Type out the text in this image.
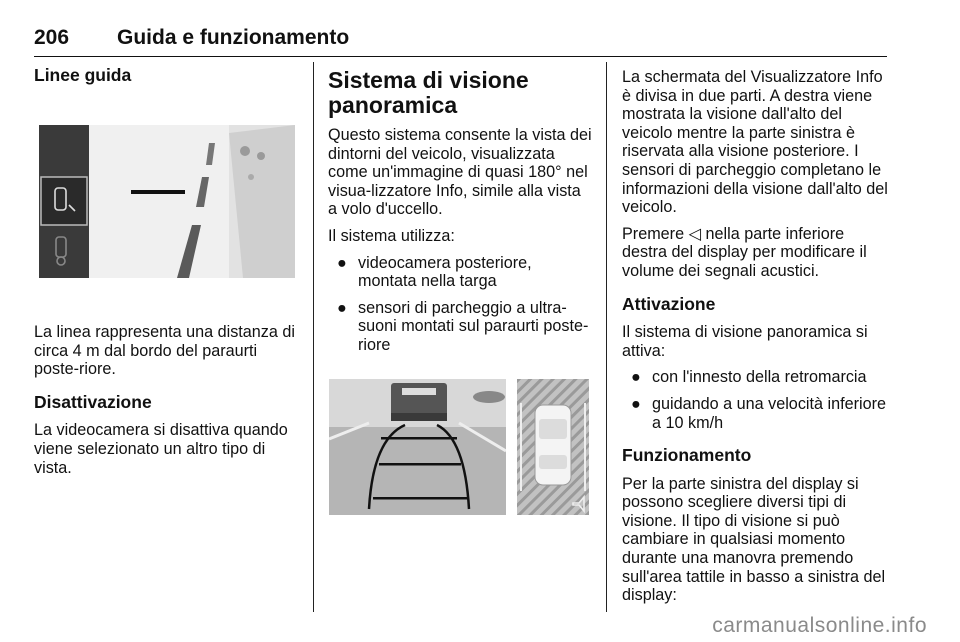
206 Guida e funzionamento
Linee guida

La linea rappresenta una distanza di circa 4 m dal bordo del paraurti poste-riore.

Disattivazione

La videocamera si disattiva quando viene selezionato un altro tipo di vista.

Sistema di visione panoramica

Questo sistema consente la vista dei dintorni del veicolo, visualizzata come un'immagine di quasi 180° nel visua-lizzatore Info, simile alla vista a volo d'uccello.

Il sistema utilizza:

● videocamera posteriore, montata nella targa
● sensori di parcheggio a ultra-suoni montati sul paraurti poste-riore

La schermata del Visualizzatore Info è divisa in due parti. A destra viene mostrata la visione dall'alto del veicolo mentre la parte sinistra è riservata alla visione posteriore. I sensori di parcheggio completano le informazioni della visione dall'alto del veicolo.

Premere ◁ nella parte inferiore destra del display per modificare il volume dei segnali acustici.

Attivazione

Il sistema di visione panoramica si attiva:

● con l'innesto della retromarcia
● guidando a una velocità inferiore a 10 km/h
Funzionamento

Per la parte sinistra del display si possono scegliere diversi tipi di visione. Il tipo di visione si può cambiare in qualsiasi momento durante una manovra premendo sull'area tattile in basso a sinistra del display:

carmanualsonline.info
